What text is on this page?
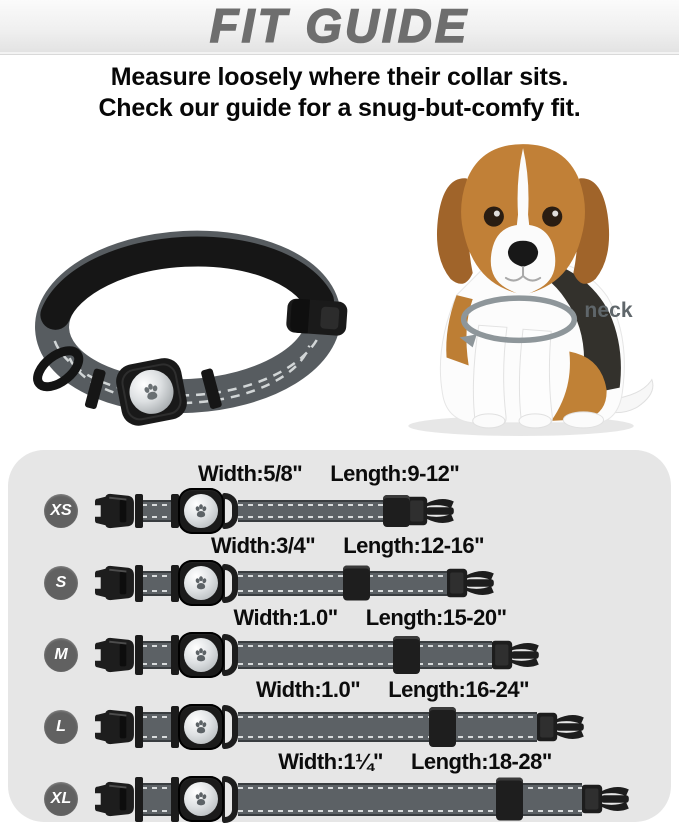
FIT GUIDE
Measure loosely where their collar sits.
Check our guide for a snug-but-comfy fit.
neck
XS
Width:5/8" Length:9-12"
S
Width:3/4" Length:12-16"
M
Width:1.0" Length:15-20"
L
Width:1.0" Length:16-24"
XL
Width:1¼" Length:18-28"
